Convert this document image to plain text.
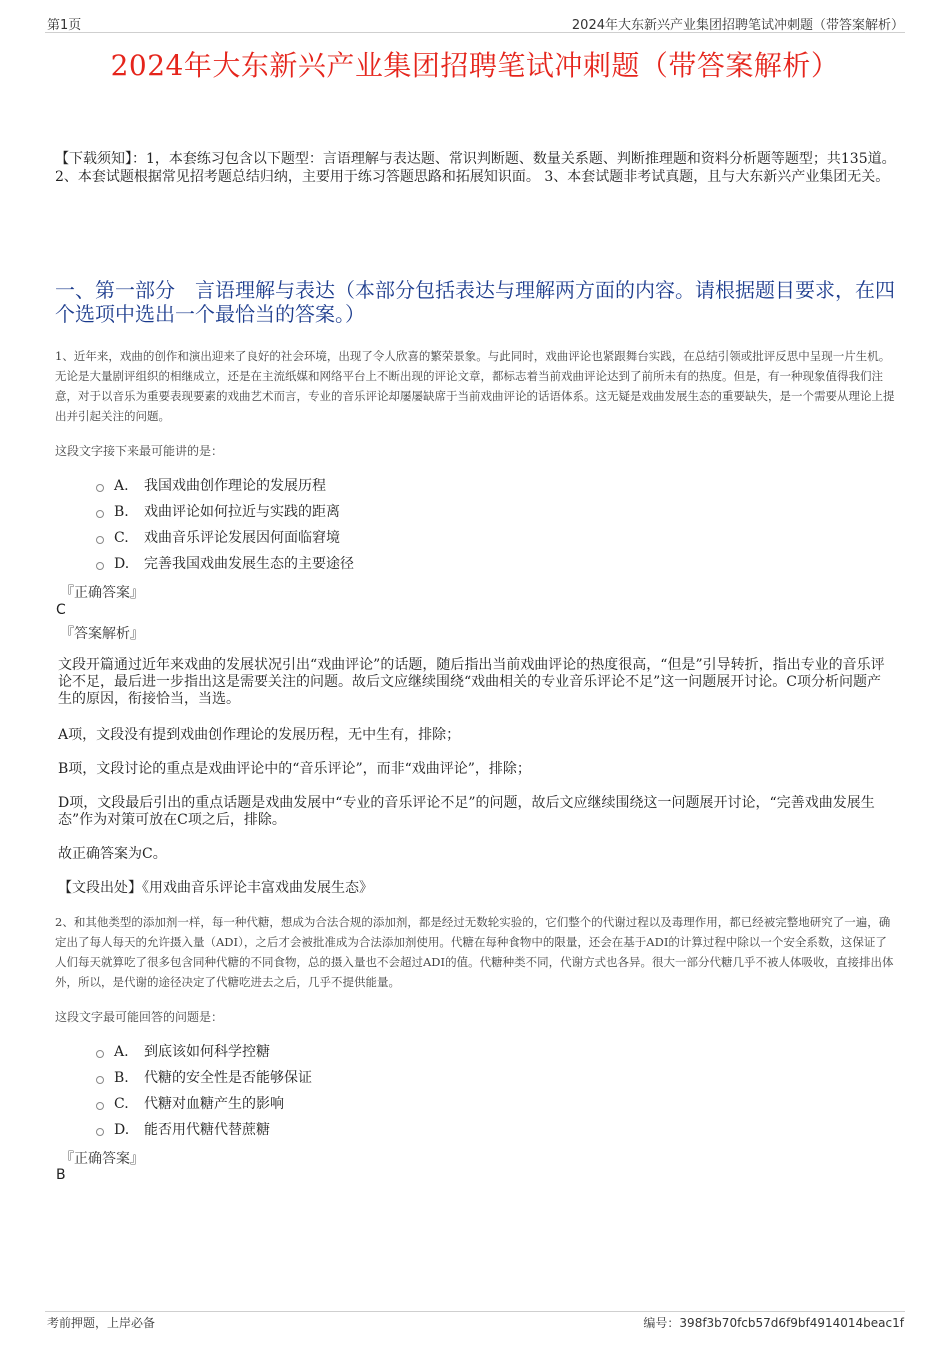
第1页	2024年大东新兴产业集团招聘笔试冲刺题（带答案解析）
2024年大东新兴产业集团招聘笔试冲刺题（带答案解析）
【下载须知】：1，本套练习包含以下题型：言语理解与表达题、常识判断题、数量关系题、判断推理题和资料分析题等题型；共135道。 2、本套试题根据常见招考题总结归纳，主要用于练习答题思路和拓展知识面。 3、本套试题非考试真题，且与大东新兴产业集团无关。
一、第一部分　言语理解与表达（本部分包括表达与理解两方面的内容。请根据题目要求，在四个选项中选出一个最恰当的答案。）
1、近年来，戏曲的创作和演出迎来了良好的社会环境，出现了令人欣喜的繁荣景象。与此同时，戏曲评论也紧跟舞台实践，在总结引领或批评反思中呈现一片生机。无论是大量剧评组织的相继成立，还是在主流纸媒和网络平台上不断出现的评论文章，都标志着当前戏曲评论达到了前所未有的热度。但是，有一种现象值得我们注意，对于以音乐为重要表现要素的戏曲艺术而言，专业的音乐评论却屡屡缺席于当前戏曲评论的话语体系。这无疑是戏曲发展生态的重要缺失，是一个需要从理论上提出并引起关注的问题。
这段文字接下来最可能讲的是：
A.	我国戏曲创作理论的发展历程
B.	戏曲评论如何拉近与实践的距离
C.	戏曲音乐评论发展因何面临窘境
D.	完善我国戏曲发展生态的主要途径
『正确答案』
C
『答案解析』
文段开篇通过近年来戏曲的发展状况引出“戏曲评论”的话题，随后指出当前戏曲评论的热度很高，“但是”引导转折，指出专业的音乐评论不足，最后进一步指出这是需要关注的问题。故后文应继续围绕“戏曲相关的专业音乐评论不足”这一问题展开讨论。C项分析问题产生的原因，衔接恰当，当选。
A项，文段没有提到戏曲创作理论的发展历程，无中生有，排除；
B项，文段讨论的重点是戏曲评论中的“音乐评论”，而非“戏曲评论”，排除；
D项，文段最后引出的重点话题是戏曲发展中“专业的音乐评论不足”的问题，故后文应继续围绕这一问题展开讨论，“完善戏曲发展生态”作为对策可放在C项之后，排除。
故正确答案为C。
【文段出处】《用戏曲音乐评论丰富戏曲发展生态》
2、和其他类型的添加剂一样，每一种代糖，想成为合法合规的添加剂，都是经过无数轮实验的，它们整个的代谢过程以及毒理作用，都已经被完整地研究了一遍，确定出了每人每天的允许摄入量（ADI），之后才会被批准成为合法添加剂使用。代糖在每种食物中的限量，还会在基于ADI的计算过程中除以一个安全系数，这保证了人们每天就算吃了很多包含同种代糖的不同食物，总的摄入量也不会超过ADI的值。代糖种类不同，代谢方式也各异。很大一部分代糖几乎不被人体吸收，直接排出体外，所以，是代谢的途径决定了代糖吃进去之后，几乎不提供能量。
这段文字最可能回答的问题是：
A.	到底该如何科学控糖
B.	代糖的安全性是否能够保证
C.	代糖对血糖产生的影响
D.	能否用代糖代替蔗糖
『正确答案』
B
考前押题，上岸必备	编号：398f3b70fcb57d6f9bf4914014beac1f
